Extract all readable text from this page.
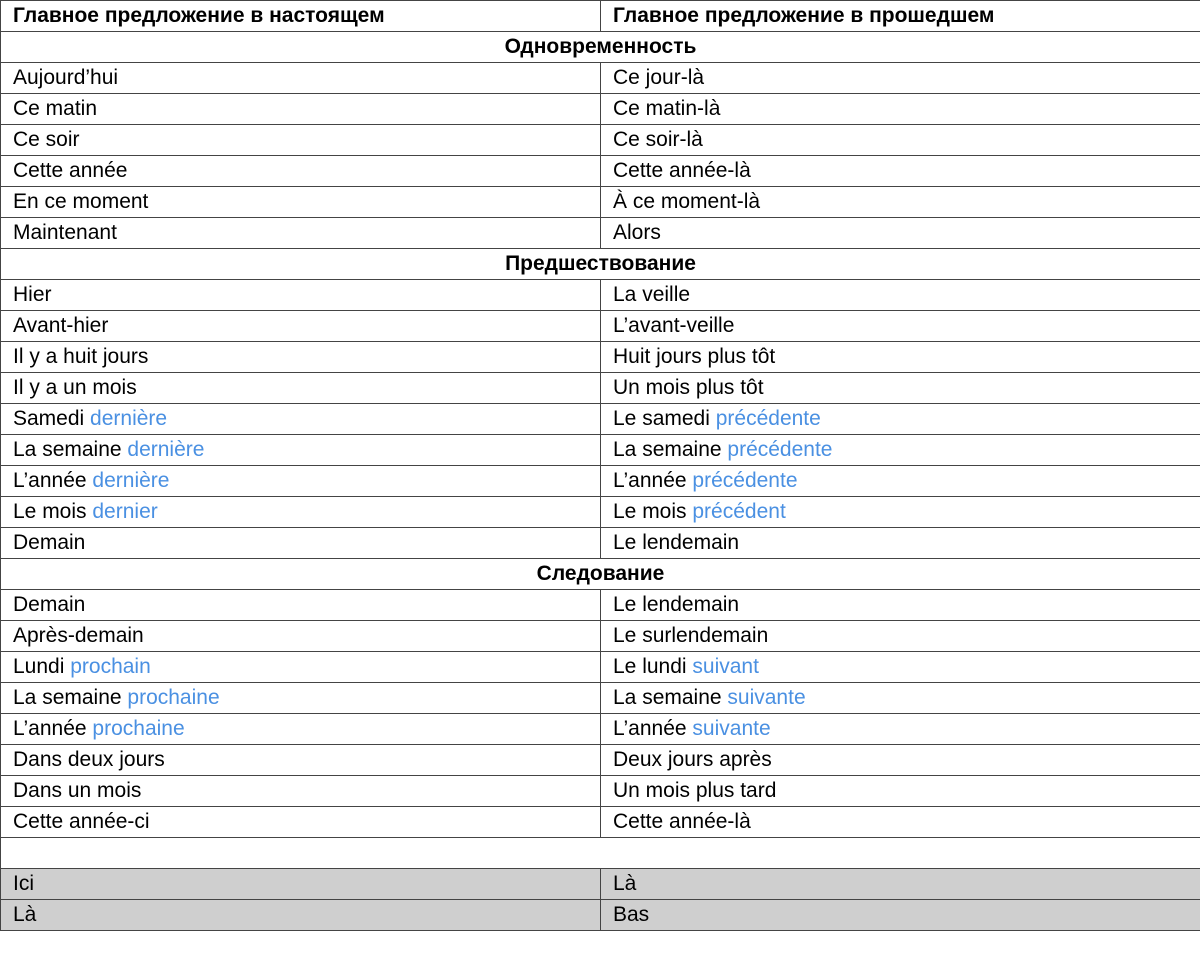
Главное предложение в настоящем	Главное предложение в прошедшем
Одновременность	
Aujourd’hui	Ce jour-là
Ce matin	Ce matin-là
Ce soir	Ce soir-là
Cette année	Cette année-là
En ce moment	À ce moment-là
Maintenant	Alors
Предшествование	
Hier	La veille
Avant-hier	L’avant-veille
Il y a huit jours	Huit jours plus tôt
Il y a un mois	Un mois plus tôt
Samedi dernière	Le samedi précédente
La semaine dernière	La semaine précédente
L’année dernière	L’année précédente
Le mois dernier	Le mois précédent
Demain	Le lendemain
Следование	
Demain	Le lendemain
Après-demain	Le surlendemain
Lundi prochain	Le lundi suivant
La semaine prochaine	La semaine suivante
L’année prochaine	L’année suivante
Dans deux jours	Deux jours après
Dans un mois	Un mois plus tard
Cette année-ci	Cette année-là

Ici	Là
Là	Bas
